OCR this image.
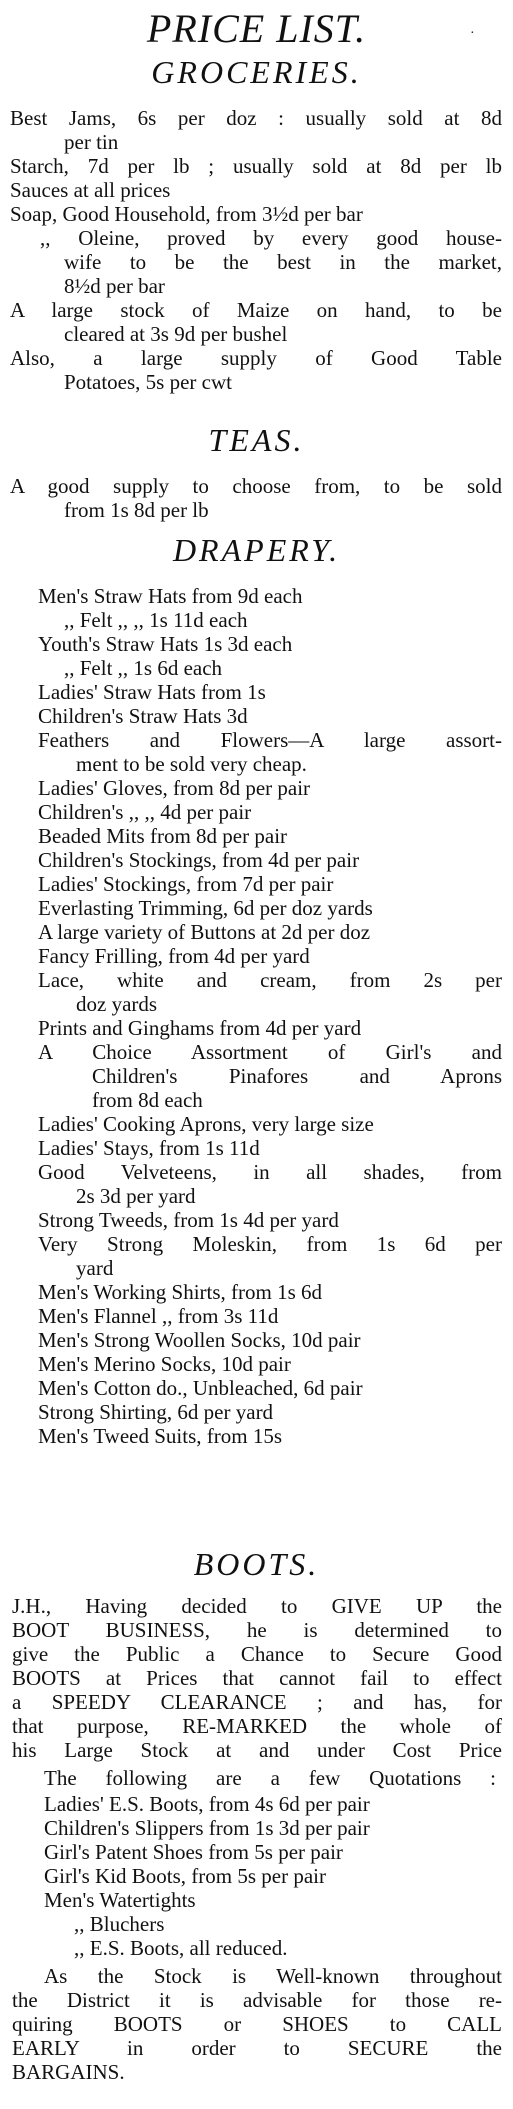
PRICE LIST.	·
GROCERIES.
TEAS.
DRAPERY.
BOOTS.
Best Jams, 6s per doz : usually sold at 8d
per tin
Starch, 7d per lb ; usually sold at 8d per lb
Sauces at all prices
Soap, Good Household, from 3½d per bar
,, Oleine, proved by every good house-
wife to be the best in the market,
8½d per bar
A large stock of Maize on hand, to be
cleared at 3s 9d per bushel
Also, a large supply of Good Table
Potatoes, 5s per cwt
A good supply to choose from, to be sold
from 1s 8d per lb
Men's Straw Hats from 9d each
,, Felt ,, ,, 1s 11d each
Youth's Straw Hats 1s 3d each
,, Felt ,, 1s 6d each
Ladies' Straw Hats from 1s
Children's Straw Hats 3d
Feathers and Flowers—A large assort-
ment to be sold very cheap.
Ladies' Gloves, from 8d per pair
Children's ,, ,, 4d per pair
Beaded Mits from 8d per pair
Children's Stockings, from 4d per pair
Ladies' Stockings, from 7d per pair
Everlasting Trimming, 6d per doz yards
A large variety of Buttons at 2d per doz
Fancy Frilling, from 4d per yard
Lace, white and cream, from 2s per
doz yards
Prints and Ginghams from 4d per yard
A Choice Assortment of Girl's and
Children's Pinafores and Aprons
from 8d each
Ladies' Cooking Aprons, very large size
Ladies' Stays, from 1s 11d
Good Velveteens, in all shades, from
2s 3d per yard
Strong Tweeds, from 1s 4d per yard
Very Strong Moleskin, from 1s 6d per
yard
Men's Working Shirts, from 1s 6d
Men's Flannel ,, from 3s 11d
Men's Strong Woollen Socks, 10d pair
Men's Merino Socks, 10d pair
Men's Cotton do., Unbleached, 6d pair
Strong Shirting, 6d per yard
Men's Tweed Suits, from 15s
J.H., Having decided to GIVE UP the
BOOT BUSINESS, he is determined to
give the Public a Chance to Secure Good
BOOTS at Prices that cannot fail to effect
a SPEEDY CLEARANCE ; and has, for
that purpose, RE-MARKED the whole of
his Large Stock at and under Cost Price
The following are a few Quotations :
Ladies' E.S. Boots, from 4s 6d per pair
Children's Slippers from 1s 3d per pair
Girl's Patent Shoes from 5s per pair
Girl's Kid Boots, from 5s per pair
Men's Watertights
,, Bluchers
,, E.S. Boots, all reduced.
As the Stock is Well-known throughout
the District it is advisable for those re-
quiring BOOTS or SHOES to CALL
EARLY in order to SECURE the
BARGAINS.
